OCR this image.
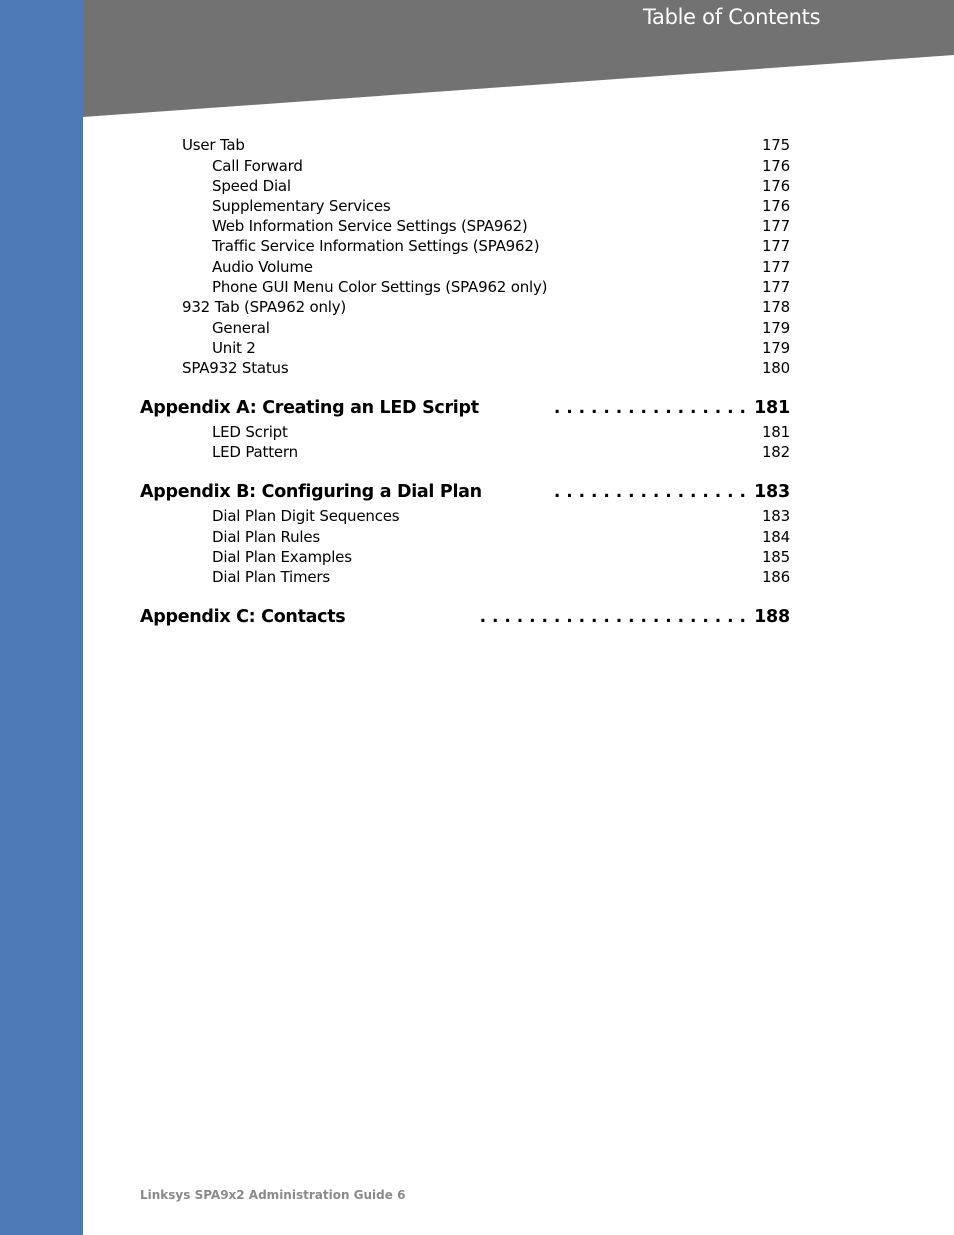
Table of Contents
User Tab	175
Call Forward	176
Speed Dial	176
Supplementary Services	176
Web Information Service Settings (SPA962)	177
Traffic Service Information Settings (SPA962)	177
Audio Volume	177
Phone GUI Menu Color Settings (SPA962 only)	177
932 Tab (SPA962 only)	178
General	179
Unit 2	179
SPA932 Status	180
Appendix A: Creating an LED Script	. . . . . . . . . . . . . . . . 181
LED Script	181
LED Pattern	182
Appendix B: Configuring a Dial Plan	. . . . . . . . . . . . . . . . 183
Dial Plan Digit Sequences	183
Dial Plan Rules	184
Dial Plan Examples	185
Dial Plan Timers	186
Appendix C: Contacts	. . . . . . . . . . . . . . . . . . . . . . 188
Linksys SPA9x2 Administration Guide 6
